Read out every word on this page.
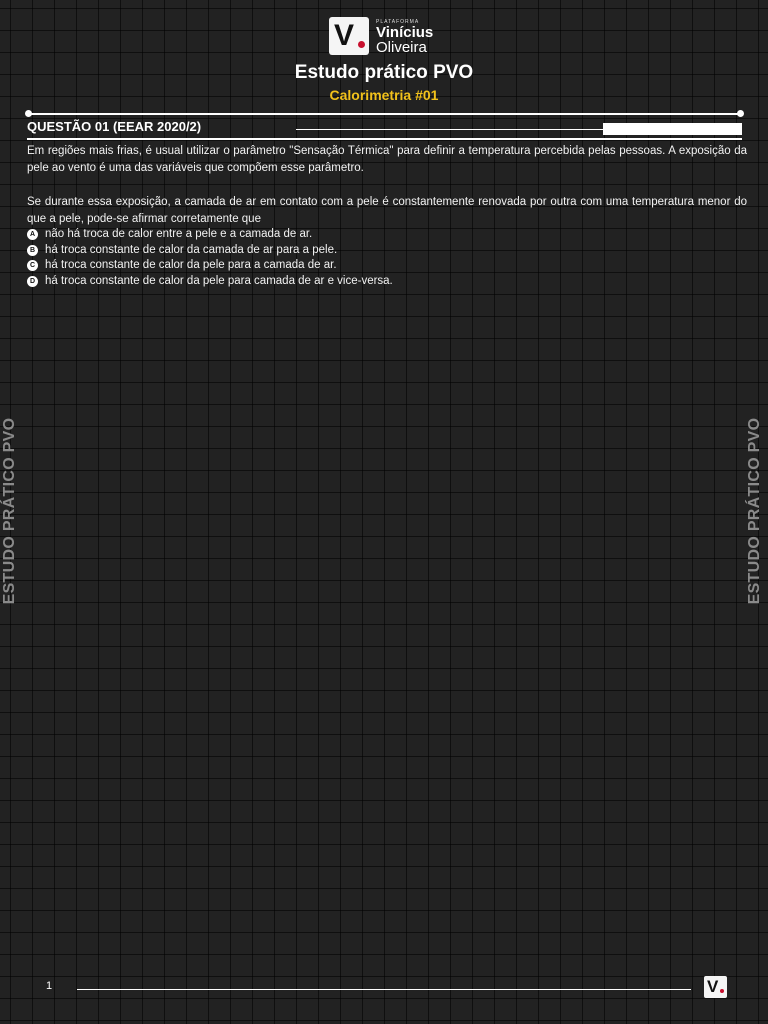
V	PLATAFORMA
Vinícius
Oliveira
Estudo prático PVO
Calorimetria #01
QUESTÃO 01 (EEAR 2020/2)
Em regiões mais frias, é usual utilizar o parâmetro "Sensação Térmica" para definir a temperatura percebida pelas pessoas. A exposição da pele ao vento é uma das variáveis que compõem esse parâmetro.
Se durante essa exposição, a camada de ar em contato com a pele é constantemente renovada por outra com uma temperatura menor do que a pele, pode-se afirmar corretamente que
A não há troca de calor entre a pele e a camada de ar.
B há troca constante de calor da camada de ar para a pele.
C há troca constante de calor da pele para a camada de ar.
D há troca constante de calor da pele para camada de ar e vice-versa.
ESTUDO PRÁTICO PVO	ESTUDO PRÁTICO PVO
1	V
